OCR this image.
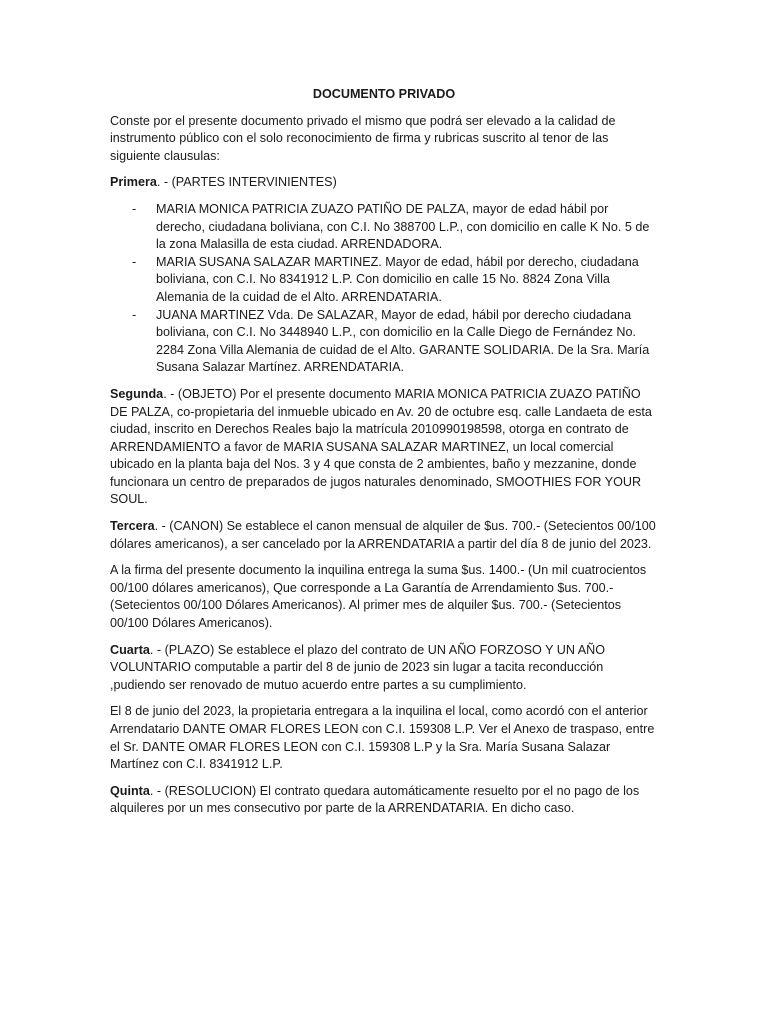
DOCUMENTO PRIVADO

Conste por el presente documento privado el mismo que podrá ser elevado a la calidad de instrumento público con el solo reconocimiento de firma y rubricas suscrito al tenor de las siguiente clausulas:

Primera. - (PARTES INTERVINIENTES)

- MARIA MONICA PATRICIA ZUAZO PATIÑO DE PALZA, mayor de edad hábil por derecho, ciudadana boliviana, con C.I. No 388700 L.P., con domicilio en calle K No. 5 de la zona Malasilla de esta ciudad. ARRENDADORA.
- MARIA SUSANA SALAZAR MARTINEZ. Mayor de edad, hábil por derecho, ciudadana boliviana, con C.I. No 8341912 L.P. Con domicilio en calle 15 No. 8824 Zona Villa Alemania de la cuidad de el Alto. ARRENDATARIA.
- JUANA MARTINEZ Vda. De SALAZAR, Mayor de edad, hábil por derecho ciudadana boliviana, con C.I. No 3448940 L.P., con domicilio en la Calle Diego de Fernández No. 2284 Zona Villa Alemania de cuidad de el Alto. GARANTE SOLIDARIA. De la Sra. María Susana Salazar Martínez. ARRENDATARIA.

Segunda. - (OBJETO) Por el presente documento MARIA MONICA PATRICIA ZUAZO PATIÑO DE PALZA, co-propietaria del inmueble ubicado en Av. 20 de octubre esq. calle Landaeta de esta ciudad, inscrito en Derechos Reales bajo la matrícula 2010990198598, otorga en contrato de ARRENDAMIENTO a favor de MARIA SUSANA SALAZAR MARTINEZ, un local comercial ubicado en la planta baja del Nos. 3 y 4 que consta de 2 ambientes, baño y mezzanine, donde funcionara un centro de preparados de jugos naturales denominado, SMOOTHIES FOR YOUR SOUL.

Tercera. - (CANON) Se establece el canon mensual de alquiler de $us. 700.- (Setecientos 00/100 dólares americanos), a ser cancelado por la ARRENDATARIA a partir del día 8 de junio del 2023.

A la firma del presente documento la inquilina entrega la suma $us. 1400.- (Un mil cuatrocientos 00/100 dólares americanos), Que corresponde a La Garantía de Arrendamiento $us. 700.- (Setecientos 00/100 Dólares Americanos). Al primer mes de alquiler $us. 700.- (Setecientos 00/100 Dólares Americanos).

Cuarta. - (PLAZO) Se establece el plazo del contrato de UN AÑO FORZOSO Y UN AÑO VOLUNTARIO computable a partir del 8 de junio de 2023 sin lugar a tacita reconducción ,pudiendo ser renovado de mutuo acuerdo entre partes a su cumplimiento.

El 8 de junio del 2023, la propietaria entregara a la inquilina el local, como acordó con el anterior Arrendatario DANTE OMAR FLORES LEON con C.I. 159308 L.P. Ver el Anexo de traspaso, entre el Sr. DANTE OMAR FLORES LEON con C.I. 159308 L.P y la Sra. María Susana Salazar Martínez con C.I. 8341912 L.P.

Quinta. - (RESOLUCION) El contrato quedara automáticamente resuelto por el no pago de los alquileres por un mes consecutivo por parte de la ARRENDATARIA. En dicho caso.
